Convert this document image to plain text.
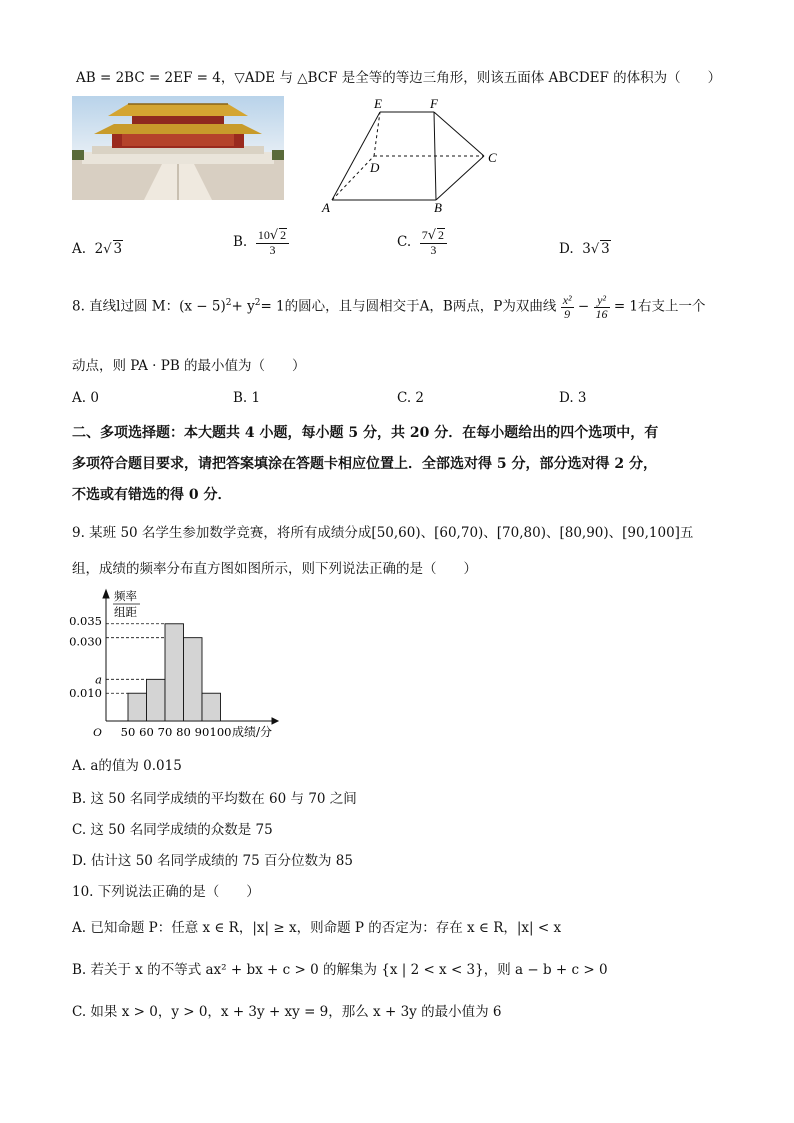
AB = 2BC = 2EF = 4，▽ADE 与 △BCF 是全等的等边三角形，则该五面体 ABCDEF 的体积为（　　）
E	F
D
C
A	B
A. 2√ 3	B. $\frac{10√ 2}{3}$	C. $\frac{7√ 2}{3}$	D. 3√ 3
8. 直线l过圆 M：$(x - 5)^2+ y^2= 1$的圆心，且与圆相交于A，B两点，P为双曲线 $\frac{\text{x²}}{9} - \frac{\text{y²}}{16} = 1$右支上一个
动点，则 PA · PB 的最小值为（　　）
A. 0	B. 1	C. 2	D. 3
二、多项选择题：本大题共 4 小题，每小题 5 分，共 20 分．在每小题给出的四个选项中，有
多项符合题目要求，请把答案填涂在答题卡相应位置上．全部选对得 5 分，部分选对得 2 分，
不选或有错选的得 0 分．
9. 某班 50 名学生参加数学竞赛，将所有成绩分成[50,60)、[60,70)、[70,80)、[80,90)、[90,100]五
组，成绩的频率分布直方图如图所示，则下列说法正确的是（　　）
0.035
0.030
a
0.010
50 60 70 80 90 100
频率
组距
O	成绩/分
A. a的值为 0.015
B. 这 50 名同学成绩的平均数在 60 与 70 之间
C. 这 50 名同学成绩的众数是 75
D. 估计这 50 名同学成绩的 75 百分位数为 85
10. 下列说法正确的是（　　）
A. 已知命题 P：任意 x ∈ R，|x| ≥ x，则命题 P 的否定为：存在 x ∈ R，|x| < x
B. 若关于 x 的不等式 ax² + bx + c > 0 的解集为 {x | 2 < x < 3}，则 a − b + c > 0
C. 如果 x > 0，y > 0，x + 3y + xy = 9，那么 x + 3y 的最小值为 6
